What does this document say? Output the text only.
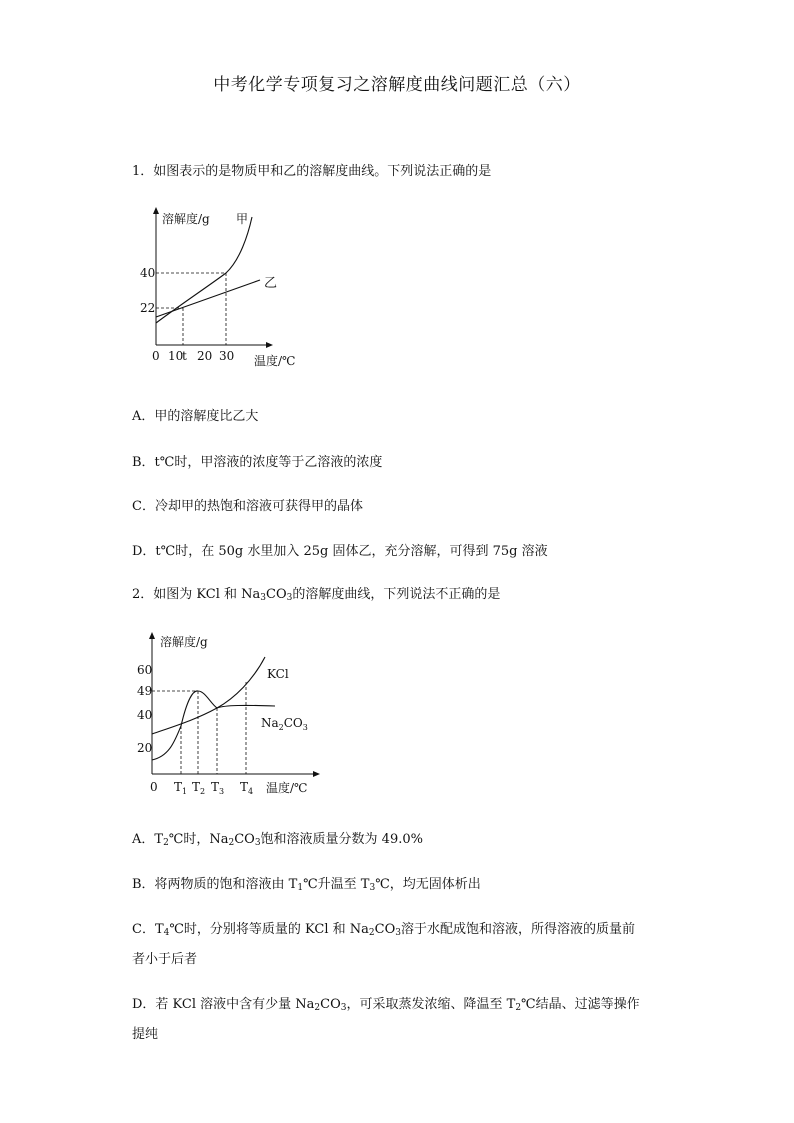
中考化学专项复习之溶解度曲线问题汇总（六）
1．如图表示的是物质甲和乙的溶解度曲线。下列说法正确的是
溶解度/g 甲
乙
40
22
0 10
t 20 30 温度/℃
A．甲的溶解度比乙大
B．t℃时，甲溶液的浓度等于乙溶液的浓度
C．冷却甲的热饱和溶液可获得甲的晶体
D．t℃时，在 50g 水里加入 25g 固体乙，充分溶解，可得到 75g 溶液
2．如图为 KCl 和 $Na_3CO_3$的溶解度曲线，下列说法不正确的是
溶解度/g
KCl
$Na_2CO_3$
60
49
40
20
0 $T_1$ $T_2$ $T_3$ $T_4$ 温度/℃
A．$T_2℃$时，$Na_2CO_3$饱和溶液质量分数为 49.0%
B．将两物质的饱和溶液由 $T_1℃$升温至 $T_3℃$，均无固体析出
C．$T_4℃$时，分别将等质量的 KCl 和 $Na_2CO_3$溶于水配成饱和溶液，所得溶液的质量前
者小于后者
D．若 KCl 溶液中含有少量 $Na_2CO_3$，可采取蒸发浓缩、降温至 $T_2℃$结晶、过滤等操作
提纯
